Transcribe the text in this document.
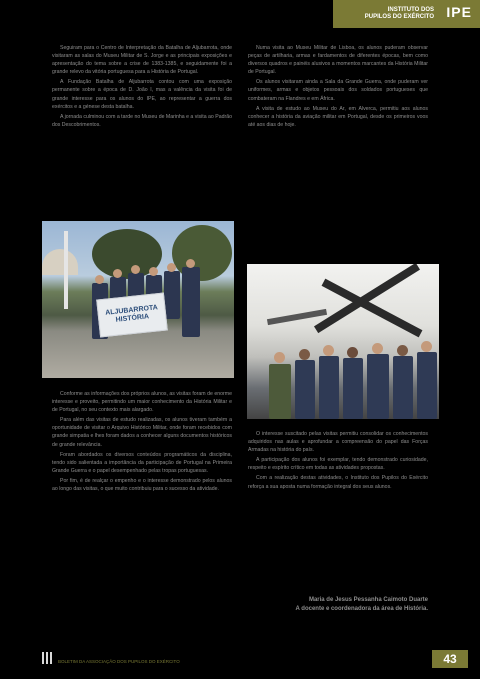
INSTITUTO DOS
PUPILOS DO EXÉRCITO IPE

Seguiram para o Centro de Interpretação da Batalha de Aljubarrota, onde visitaram as salas do Museu Militar de S. Jorge e as principais exposições e apresentação do tema sobre a crise de 1383-1385, e seguidamente foi a grande relevo da vitória portuguesa para a História de Portugal.

A Fundação Batalha de Aljubarrota contou com uma exposição permanente sobre a época de D. João I, mas a valência da visita foi de grande interesse para os alunos do IPE, ao representar a guerra dos exércitos e a génese desta batalha.

A jornada culminou com a tarde no Museu de Marinha e a visita ao Padrão dos Descobrimentos.

ALJUBARROTA HISTÓRIA

Numa visita ao Museu Militar de Lisboa, os alunos puderam observar peças de artilharia, armas e fardamentos de diferentes épocas, bem como diversos quadros e painéis alusivos a momentos marcantes da História Militar de Portugal.

Os alunos visitaram ainda a Sala da Grande Guerra, onde puderam ver uniformes, armas e objetos pessoais dos soldados portugueses que combateram na Flandres e em África.

A visita de estudo ao Museu do Ar, em Alverca, permitiu aos alunos conhecer a história da aviação militar em Portugal, desde os primeiros voos até aos dias de hoje.

Conforme as informações dos próprios alunos, as visitas foram de enorme interesse e proveito, permitindo um maior conhecimento da História Militar e de Portugal, no seu contexto mais alargado.

Para além das visitas de estudo realizadas, os alunos tiveram também a oportunidade de visitar o Arquivo Histórico Militar, onde foram recebidos com grande simpatia e lhes foram dados a conhecer alguns documentos históricos de grande relevância.

Foram abordados os diversos conteúdos programáticos da disciplina, tendo sido salientada a importância da participação de Portugal na Primeira Grande Guerra e o papel desempenhado pelas tropas portuguesas.

Por fim, é de realçar o empenho e o interesse demonstrado pelos alunos ao longo das visitas, o que muito contribuiu para o sucesso da atividade.

O interesse suscitado pelas visitas permitiu consolidar os conhecimentos adquiridos nas aulas e aprofundar a compreensão do papel das Forças Armadas na história do país.

A participação dos alunos foi exemplar, tendo demonstrado curiosidade, respeito e espírito crítico em todas as atividades propostas.

Com a realização destas atividades, o Instituto dos Pupilos do Exército reforça a sua aposta numa formação integral dos seus alunos.

Maria de Jesus Pessanha Caimoto Duarte
A docente e coordenadora da área de História.
BOLETIM DA ASSOCIAÇÃO DOS PUPILOS DO EXÉRCITO	43
